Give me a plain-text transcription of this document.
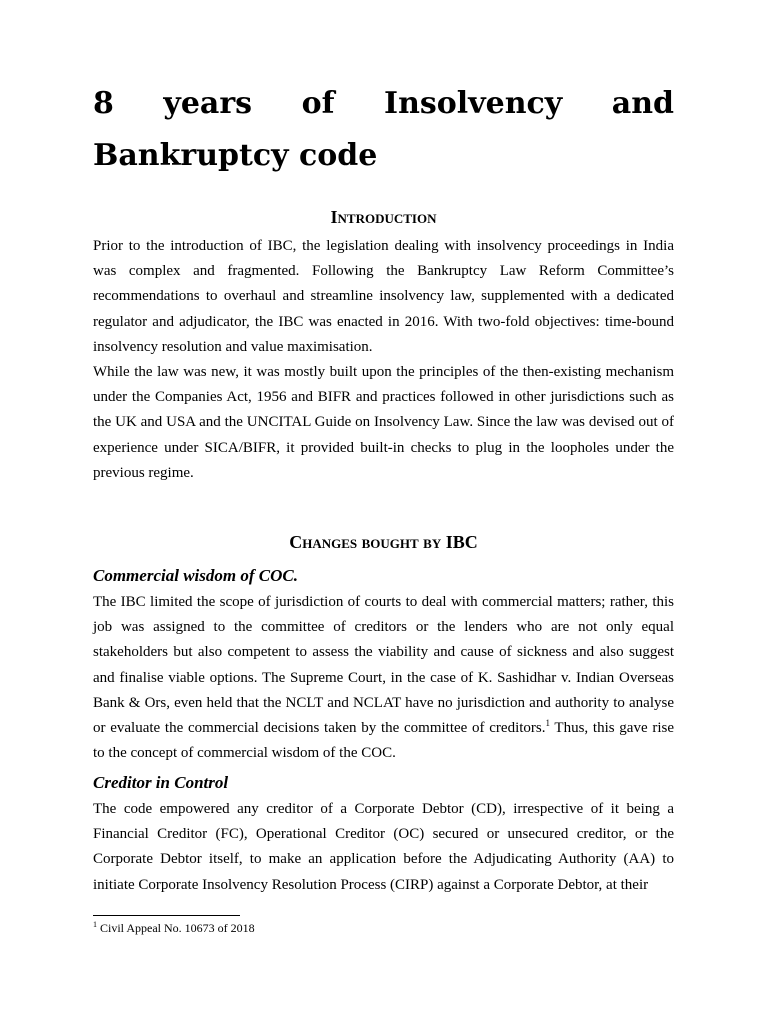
8 years of Insolvency and
Bankruptcy code
Introduction

Prior to the introduction of IBC, the legislation dealing with insolvency proceedings in India was complex and fragmented. Following the Bankruptcy Law Reform Committee’s recommendations to overhaul and streamline insolvency law, supplemented with a dedicated regulator and adjudicator, the IBC was enacted in 2016. With two-fold objectives: time-bound insolvency resolution and value maximisation.

While the law was new, it was mostly built upon the principles of the then-existing mechanism under the Companies Act, 1956 and BIFR and practices followed in other jurisdictions such as the UK and USA and the UNCITAL Guide on Insolvency Law. Since the law was devised out of experience under SICA/BIFR, it provided built-in checks to plug in the loopholes under the previous regime.

Changes bought by IBC
Commercial wisdom of COC.

The IBC limited the scope of jurisdiction of courts to deal with commercial matters; rather, this job was assigned to the committee of creditors or the lenders who are not only equal stakeholders but also competent to assess the viability and cause of sickness and also suggest and finalise viable options. The Supreme Court, in the case of K. Sashidhar v. Indian Overseas Bank & Ors, even held that the NCLT and NCLAT have no jurisdiction and authority to analyse or evaluate the commercial decisions taken by the committee of creditors.$^1$ Thus, this gave rise to the concept of commercial wisdom of the COC.

Creditor in Control

The code empowered any creditor of a Corporate Debtor (CD), irrespective of it being a Financial Creditor (FC), Operational Creditor (OC) secured or unsecured creditor, or the Corporate Debtor itself, to make an application before the Adjudicating Authority (AA) to initiate Corporate Insolvency Resolution Process (CIRP) against a Corporate Debtor, at their

$^1$ Civil Appeal No. 10673 of 2018
